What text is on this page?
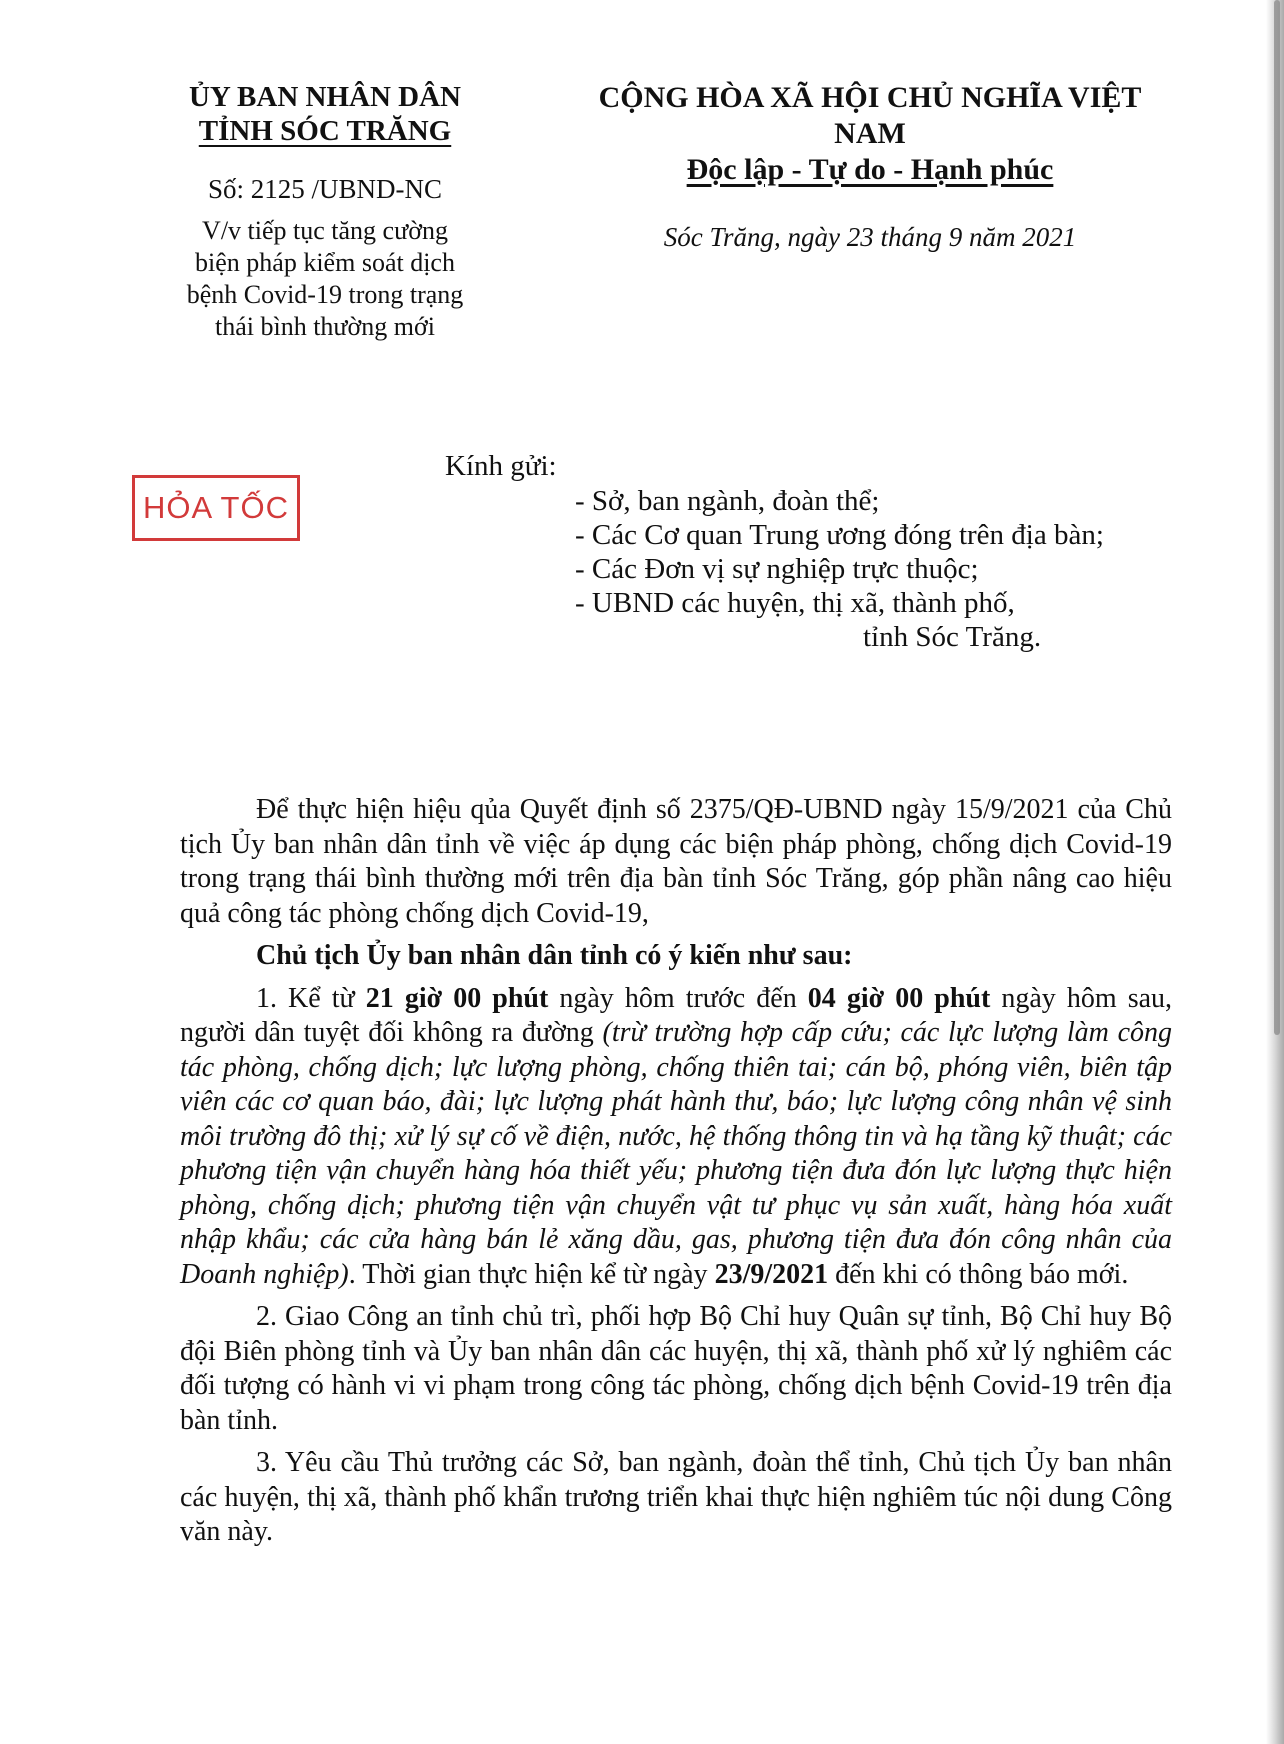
ỦY BAN NHÂN DÂN
TỈNH SÓC TRĂNG
Số: 2125 /UBND-NC
V/v tiếp tục tăng cường
biện pháp kiểm soát dịch
bệnh Covid-19 trong trạng
thái bình thường mới
CỘNG HÒA XÃ HỘI CHỦ NGHĨA VIỆT NAM
Độc lập - Tự do - Hạnh phúc
Sóc Trăng, ngày 23 tháng 9 năm 2021
HỎA TỐC
Kính gửi:
- Sở, ban ngành, đoàn thể;
- Các Cơ quan Trung ương đóng trên địa bàn;
- Các Đơn vị sự nghiệp trực thuộc;
- UBND các huyện, thị xã, thành phố,
tỉnh Sóc Trăng.

Để thực hiện hiệu qủa Quyết định số 2375/QĐ-UBND ngày 15/9/2021 của Chủ tịch Ủy ban nhân dân tỉnh về việc áp dụng các biện pháp phòng, chống dịch Covid-19 trong trạng thái bình thường mới trên địa bàn tỉnh Sóc Trăng, góp phần nâng cao hiệu quả công tác phòng chống dịch Covid-19,

Chủ tịch Ủy ban nhân dân tỉnh có ý kiến như sau:

1. Kể từ 21 giờ 00 phút ngày hôm trước đến 04 giờ 00 phút ngày hôm sau, người dân tuyệt đối không ra đường (trừ trường hợp cấp cứu; các lực lượng làm công tác phòng, chống dịch; lực lượng phòng, chống thiên tai; cán bộ, phóng viên, biên tập viên các cơ quan báo, đài; lực lượng phát hành thư, báo; lực lượng công nhân vệ sinh môi trường đô thị; xử lý sự cố về điện, nước, hệ thống thông tin và hạ tầng kỹ thuật; các phương tiện vận chuyển hàng hóa thiết yếu; phương tiện đưa đón lực lượng thực hiện phòng, chống dịch; phương tiện vận chuyển vật tư phục vụ sản xuất, hàng hóa xuất nhập khẩu; các cửa hàng bán lẻ xăng dầu, gas, phương tiện đưa đón công nhân của Doanh nghiệp). Thời gian thực hiện kể từ ngày 23/9/2021 đến khi có thông báo mới.

2. Giao Công an tỉnh chủ trì, phối hợp Bộ Chỉ huy Quân sự tỉnh, Bộ Chỉ huy Bộ đội Biên phòng tỉnh và Ủy ban nhân dân các huyện, thị xã, thành phố xử lý nghiêm các đối tượng có hành vi vi phạm trong công tác phòng, chống dịch bệnh Covid-19 trên địa bàn tỉnh.

3. Yêu cầu Thủ trưởng các Sở, ban ngành, đoàn thể tỉnh, Chủ tịch Ủy ban nhân các huyện, thị xã, thành phố khẩn trương triển khai thực hiện nghiêm túc nội dung Công văn này.
